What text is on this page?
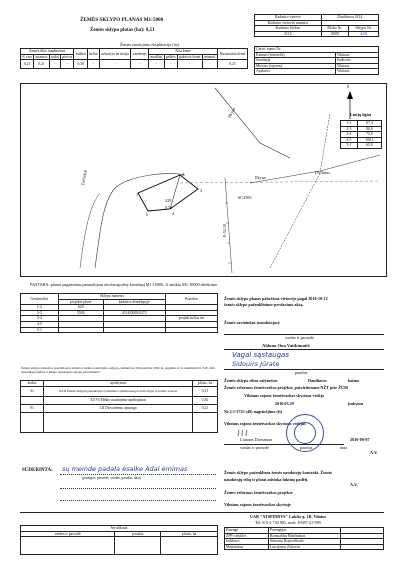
ŽEMĖS SKLYPO PLANAS M1:5000
Žemės sklypo plotas (ha): 0,51
Žemės naudojimo eksplikacija (ha)
Kadastro vietovė	Daniliavos 4114	
Kadastro vietovės numeris		
Kadastro blokas	Bloko Nr.	Sklypo Nr.
4114	0008	329
Gatvė, namo Nr.	
Kaimas (miestelis)	Vilniaus
Seniūnija	Sudervės
Miestas (rajonas)	Vilniaus
Apskritis	Vilniaus
Žemės ūkio naudmenos				miškai	keliai	užstatyta teritorija	vandenys	Kita žemė				Nusausinta žemė
iš viso	ariamos	sodai	pievos					medžiai	pelkės	pažeista žemė	nenaud.	
0,21	0,21	-	-	0,30	-	-	-	-	-	-	-	0,21
Š
Trečiokai
Ilkyno
IIVilnius
Ilkyno
SC2500
P-53/10
329
0,51
1
2
3
4
5
Linijų ilgiai
1-2	67,4
2-3	80,6
3-4	75,9
4-5	108,1
5-1	65,9
PASTABA: planas pagamintas panaudojant ortofotografinį žemėlapį M1:10000, iš atitikto M1:10000 ribelitimo
Gretimybės	Sklypo numeris		Pastabos
	projekte plane	kadastro žemėlapyje	
1-2	629		
2-3	5504	4114/0008:0272	
3-4			projekt.kelias im
4-5			
5-1			
Žemės sklype taikomos specialiosios žemės ir miško naudojimo sąlygos, numatytos Vyriausybės 1992 m. gegužės 12 d. nutarimu Nr. 343 „Dėl specialiųjų žemės ir miško naudojimo sąlygų patvirtinimo“
kodas	aprašymas	plotas, ha
31	XXII Žemės sklypai patenkantys padidintos aplinkosaugos teritorijoje ir poilsio zonose	0,21
	XXVI Miško naudojimo apribojimai	0,30
91	LII Dirvožemio apsauga	0,21

Žemės sklypo planas pabrėžtas vietovėje pagal 2010-10-12
žemės sklypo paženklinimo-perdavimo aktą.
Žemės savininkas (naudotojas):
vardas ir pavardė
Aldona Ona Vaitkūnaitė
Vagal sąstaugas
Sidouirs Jūrate
parašas
Žemės sklypo ribos atžymėtas	Daniliavos	kaimo
Žemės reformos žemėtvarkos projekte, patvirtintame NŽT prie ŽŪM
Vilniaus rajono žemėtvarkos skyriaus vedėjo
2010.03.29	įsakymu
Nr.2.3-3735 (40) nagrinėjimo (iš)
Vilniaus rajono žemėtvarkos skyriaus vedėjas
⌇⌇⌇
Liutaras Dirmantas
vardas ir pavardė	parašas	data
2010-09-07
A.V.
Žemės sklypo paženklinta žemės naudotojų kontrakt. Žemės
naudotojų ribų ir plotai atitinka faktinę padėtį.
Žemės reformos žemėtvarkos projekte
Vilniaus rajono žemėtvarkos skyriuje
A.V.
SUDERINTA: sų meinde padala ėsalke Adal ėmimas
(pareigos, pavardė, vardas, parašas, data)
UAB "ATSPINDYS" Lukšio g. 1B, Vilnius
Tel. 8-5-2 730 981, mob. 8-687-21-999
Sertifikatai		
vardas ir pavardė	parašas	plotas, ha

Parengė	Parengėjas	
ŽPP rodyklės	Romualdas Bhežinskas	
Indikavo	Simonas Ropovilkaitė	
Matininkas	Liucijonas Žukovas	
